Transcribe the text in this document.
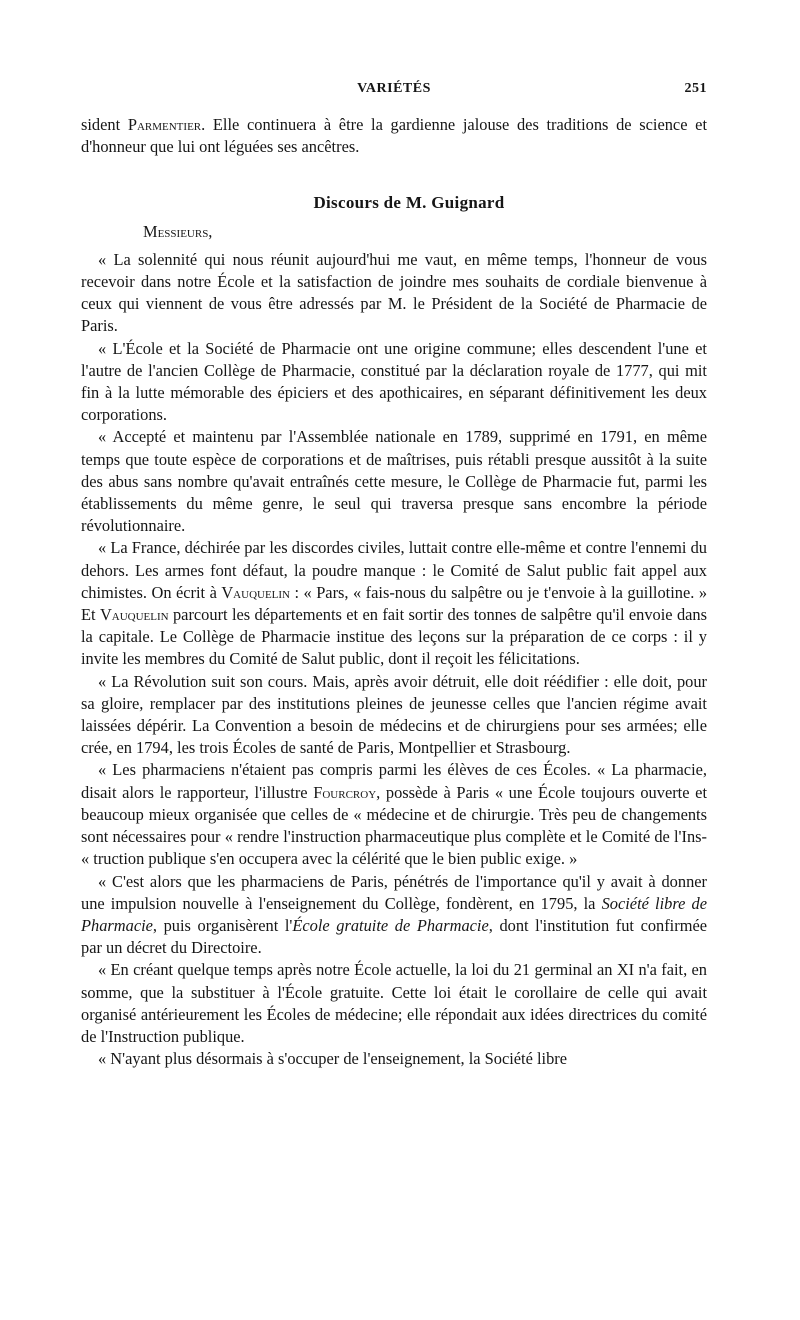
VARIÉTÉS	251

sident Parmentier. Elle continuera à être la gardienne jalouse des traditions de science et d'honneur que lui ont léguées ses ancêtres.

Discours de M. Guignard

Messieurs,

« La solennité qui nous réunit aujourd'hui me vaut, en même temps, l'honneur de vous recevoir dans notre École et la satisfaction de joindre mes souhaits de cordiale bienvenue à ceux qui viennent de vous être adressés par M. le Président de la Société de Pharmacie de Paris.

« L'École et la Société de Pharmacie ont une origine commune; elles descendent l'une et l'autre de l'ancien Collège de Pharmacie, constitué par la déclaration royale de 1777, qui mit fin à la lutte mémorable des épiciers et des apothicaires, en séparant définitivement les deux corporations.

« Accepté et maintenu par l'Assemblée nationale en 1789, supprimé en 1791, en même temps que toute espèce de corporations et de maîtrises, puis rétabli presque aussitôt à la suite des abus sans nombre qu'avait entraînés cette mesure, le Collège de Pharmacie fut, parmi les établissements du même genre, le seul qui traversa presque sans encombre la période révolutionnaire.

« La France, déchirée par les discordes civiles, luttait contre elle-même et contre l'ennemi du dehors. Les armes font défaut, la poudre manque : le Comité de Salut public fait appel aux chimistes. On écrit à Vauquelin : « Pars, « fais-nous du salpêtre ou je t'envoie à la guillotine. » Et Vauquelin parcourt les départements et en fait sortir des tonnes de salpêtre qu'il envoie dans la capitale. Le Collège de Pharmacie institue des leçons sur la préparation de ce corps : il y invite les membres du Comité de Salut public, dont il reçoit les félicitations.

« La Révolution suit son cours. Mais, après avoir détruit, elle doit réédifier : elle doit, pour sa gloire, remplacer par des institutions pleines de jeunesse celles que l'ancien régime avait laissées dépérir. La Convention a besoin de médecins et de chirurgiens pour ses armées; elle crée, en 1794, les trois Écoles de santé de Paris, Montpellier et Strasbourg.

« Les pharmaciens n'étaient pas compris parmi les élèves de ces Écoles. « La pharmacie, disait alors le rapporteur, l'illustre Fourcroy, possède à Paris « une École toujours ouverte et beaucoup mieux organisée que celles de « médecine et de chirurgie. Très peu de changements sont nécessaires pour « rendre l'instruction pharmaceutique plus complète et le Comité de l'Ins- « truction publique s'en occupera avec la célérité que le bien public exige. »

« C'est alors que les pharmaciens de Paris, pénétrés de l'importance qu'il y avait à donner une impulsion nouvelle à l'enseignement du Collège, fondèrent, en 1795, la Société libre de Pharmacie, puis organisèrent l'École gratuite de Pharmacie, dont l'institution fut confirmée par un décret du Directoire.

« En créant quelque temps après notre École actuelle, la loi du 21 germinal an XI n'a fait, en somme, que la substituer à l'École gratuite. Cette loi était le corollaire de celle qui avait organisé antérieurement les Écoles de médecine; elle répondait aux idées directrices du comité de l'Instruction publique.

« N'ayant plus désormais à s'occuper de l'enseignement, la Société libre
